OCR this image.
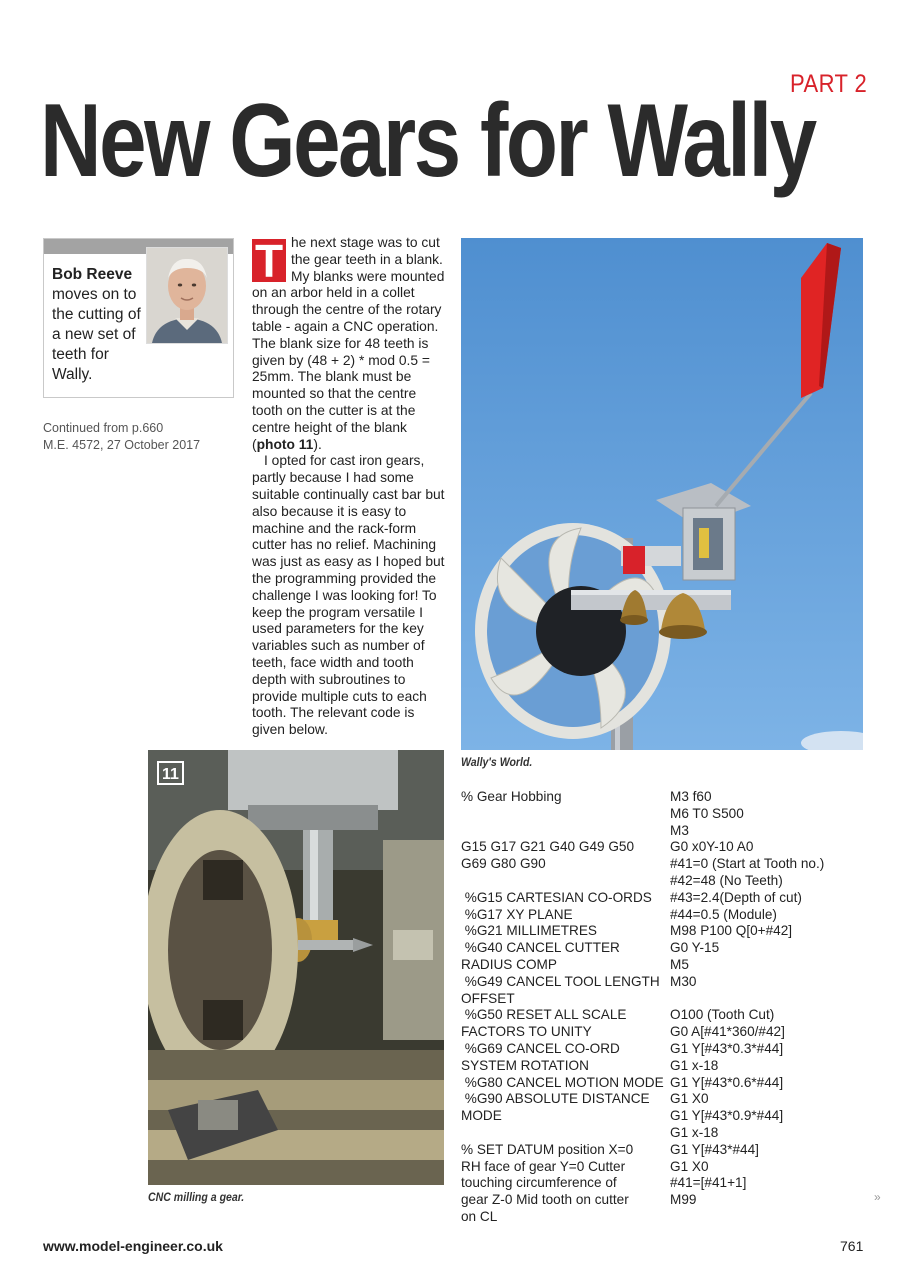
PART 2
New Gears for Wally
Bob Reeve moves on to the cutting of a new set of teeth for Wally.
Continued from p.660
M.E. 4572, 27 October 2017

T he next stage was to cut the gear teeth in a blank. My blanks were mounted on an arbor held in a collet through the centre of the rotary table - again a CNC operation. The blank size for 48 teeth is given by (48 + 2) * mod 0.5 = 25mm. The blank must be mounted so that the centre tooth on the cutter is at the centre height of the blank (photo 11).

I opted for cast iron gears, partly because I had some suitable continually cast bar but also because it is easy to machine and the rack-form cutter has no relief. Machining was just as easy as I hoped but the programming provided the challenge I was looking for! To keep the program versatile I used parameters for the key variables such as number of teeth, face width and tooth depth with subroutines to provide multiple cuts to each tooth. The relevant code is given below.

Wally's World.
11
CNC milling a gear.
% Gear Hobbing
G15 G17 G21 G40 G49 G50
G69 G80 G90
%G15 CARTESIAN CO-ORDS
%G17 XY PLANE
%G21 MILLIMETRES
%G40 CANCEL CUTTER
RADIUS COMP
%G49 CANCEL TOOL LENGTH
OFFSET
%G50 RESET ALL SCALE
FACTORS TO UNITY
%G69 CANCEL CO-ORD
SYSTEM ROTATION
%G80 CANCEL MOTION MODE
%G90 ABSOLUTE DISTANCE
MODE
% SET DATUM position X=0
RH face of gear Y=0 Cutter
touching circumference of
gear Z-0 Mid tooth on cutter
on CL
M3 f60
M6 T0 S500
M3
G0 x0Y-10 A0
#41=0 (Start at Tooth no.)
#42=48 (No Teeth)
#43=2.4(Depth of cut)
#44=0.5 (Module)
M98 P100 Q[0+#42]
G0 Y-15
M5
M30
O100 (Tooth Cut)
G0 A[#41*360/#42]
G1 Y[#43*0.3*#44]
G1 x-18
G1 Y[#43*0.6*#44]
G1 X0
G1 Y[#43*0.9*#44]
G1 x-18
G1 Y[#43*#44]
G1 X0
#41=[#41+1]
M99
www.model-engineer.co.uk	761
»
